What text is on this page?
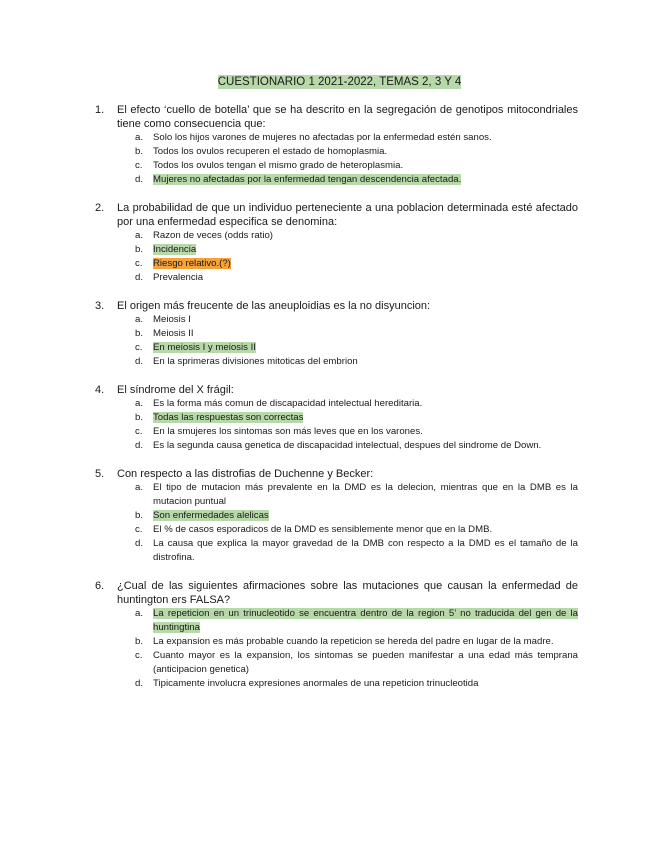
CUESTIONARIO 1 2021-2022, TEMAS 2, 3 Y 4
1.	El efecto ‘cuello de botella’ que se ha descrito en la segregación de genotipos mitocondriales tiene como consecuencia que:
a.	Solo los hijos varones de mujeres no afectadas por la enfermedad estén sanos.
b.	Todos los ovulos recuperen el estado de homoplasmia.
c.	Todos los ovulos tengan el mismo grado de heteroplasmia.
d.	Mujeres no afectadas por la enfermedad tengan descendencia afectada.
2.	La probabilidad de que un individuo perteneciente a una poblacion determinada esté afectado por una enfermedad especifica se denomina:
a.	Razon de veces (odds ratio)
b.	Incidencia
c.	Riesgo relativo.(?)
d.	Prevalencia
3.	El origen más freucente de las aneuploidias es la no disyuncion:
a.	Meiosis I
b.	Meiosis II
c.	En meiosis I y meiosis II
d.	En la sprimeras divisiones mitoticas del embrion
4.	El síndrome del X frágil:
a.	Es la forma más comun de discapacidad intelectual hereditaria.
b.	Todas las respuestas son correctas
c.	En la smujeres los sintomas son más leves que en los varones.
d.	Es la segunda causa genetica de discapacidad intelectual, despues del sindrome de Down.
5.	Con respecto a las distrofias de Duchenne y Becker:
a.	El tipo de mutacion más prevalente en la DMD es la delecion, mientras que en la DMB es la mutacion puntual
b.	Son enfermedades alelicas
c.	El % de casos esporadicos de la DMD es sensiblemente menor que en la DMB.
d.	La causa que explica la mayor gravedad de la DMB con respecto a la DMD es el tamaño de la distrofina.
6.	¿Cual de las siguientes afirmaciones sobre las mutaciones que causan la enfermedad de huntington ers FALSA?
a.	La repeticion en un trinucleotido se encuentra dentro de la region 5’ no traducida del gen de la huntingtina
b.	La expansion es más probable cuando la repeticion se hereda del padre en lugar de la madre.
c.	Cuanto mayor es la expansion, los sintomas se pueden manifestar a una edad más temprana (anticipacion genetica)
d.	Tipicamente involucra expresiones anormales de una repeticion trinucleotida
